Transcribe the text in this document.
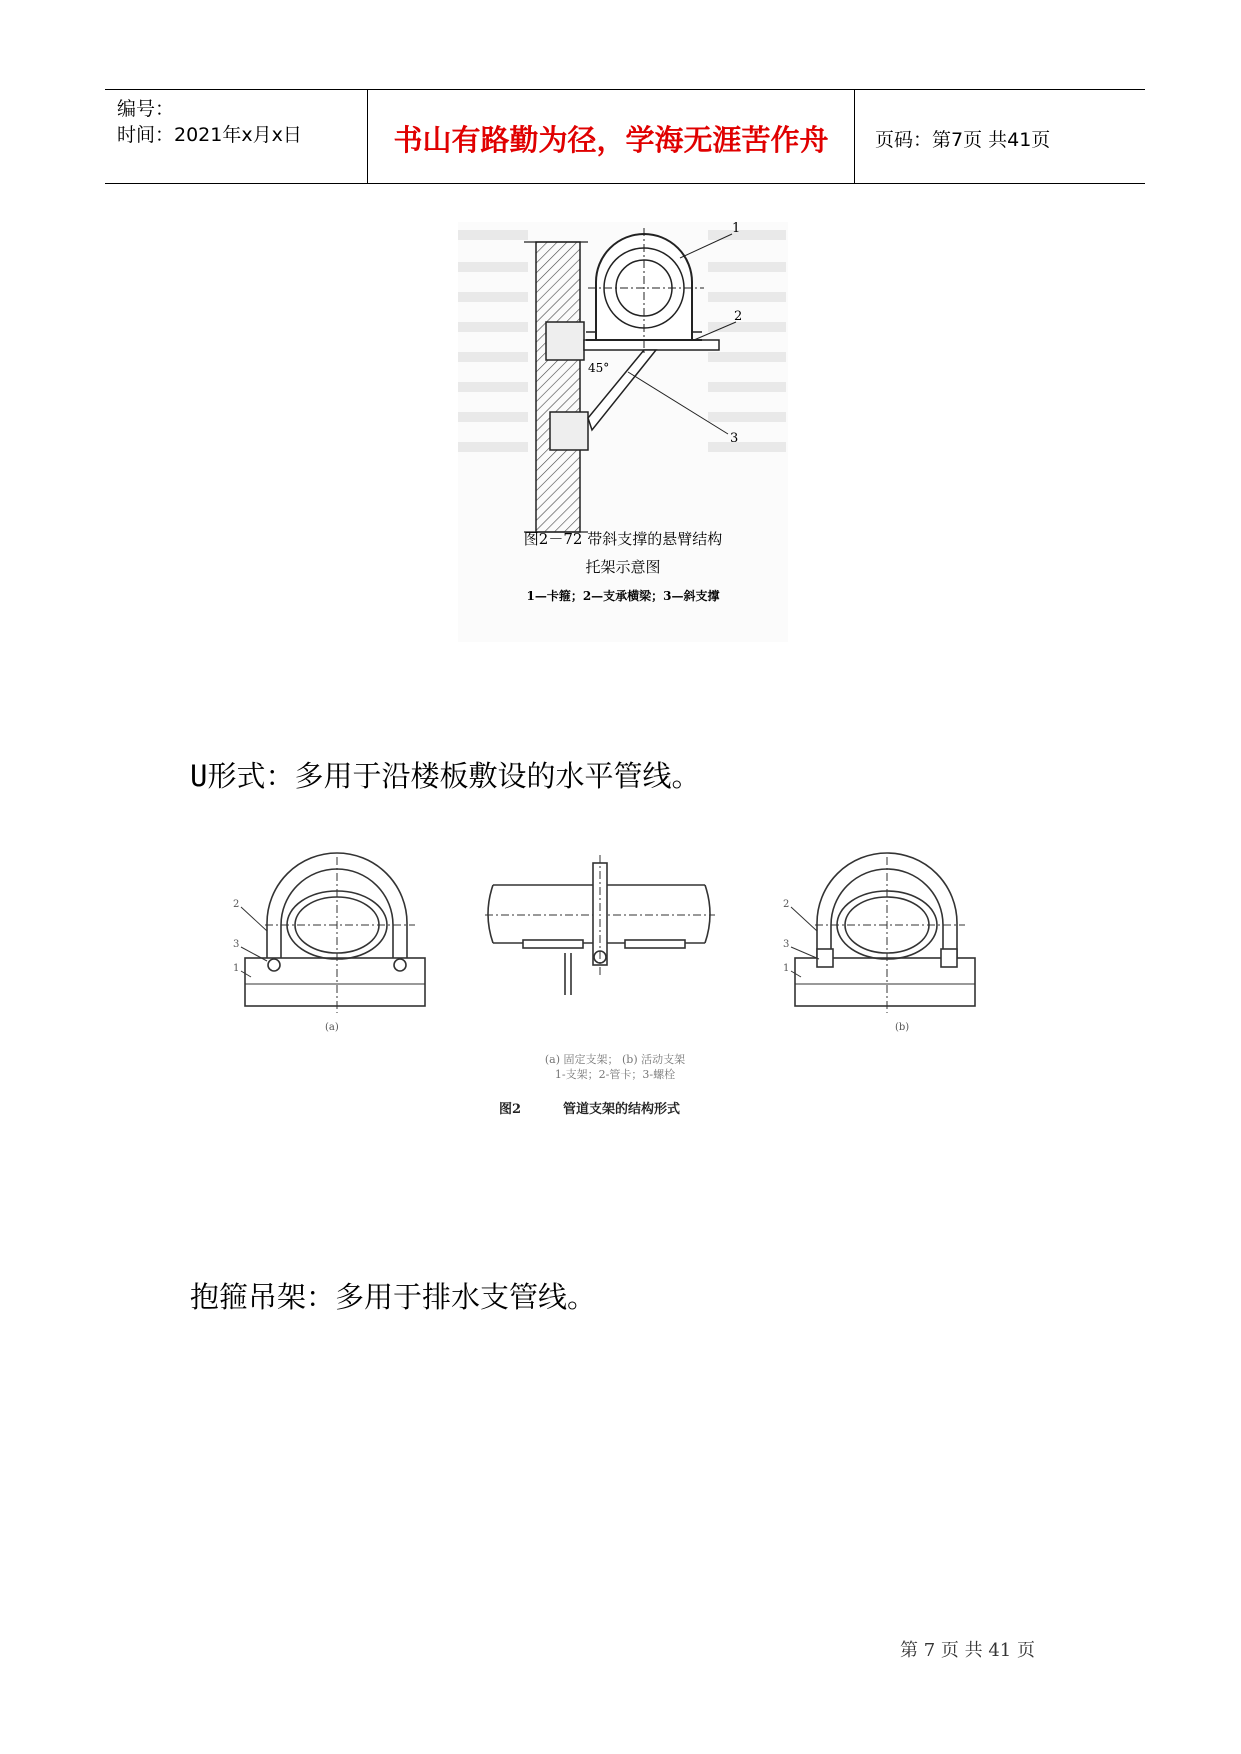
编号：
时间：2021年x月x日	书山有路勤为径，学海无涯苦作舟	页码：第7页 共41页
1
2
3
45°
图2－72 带斜支撑的悬臂结构
托架示意图
1—卡箍；2—支承横梁；3—斜支撑
U形式：多用于沿楼板敷设的水平管线。
2
3
1
(a)
2
3
1
(b)
(a) 固定支架； (b) 活动支架
1-支架；2-管卡；3-螺栓
图2	管道支架的结构形式
抱箍吊架：多用于排水支管线。
第 7 页 共 41 页
